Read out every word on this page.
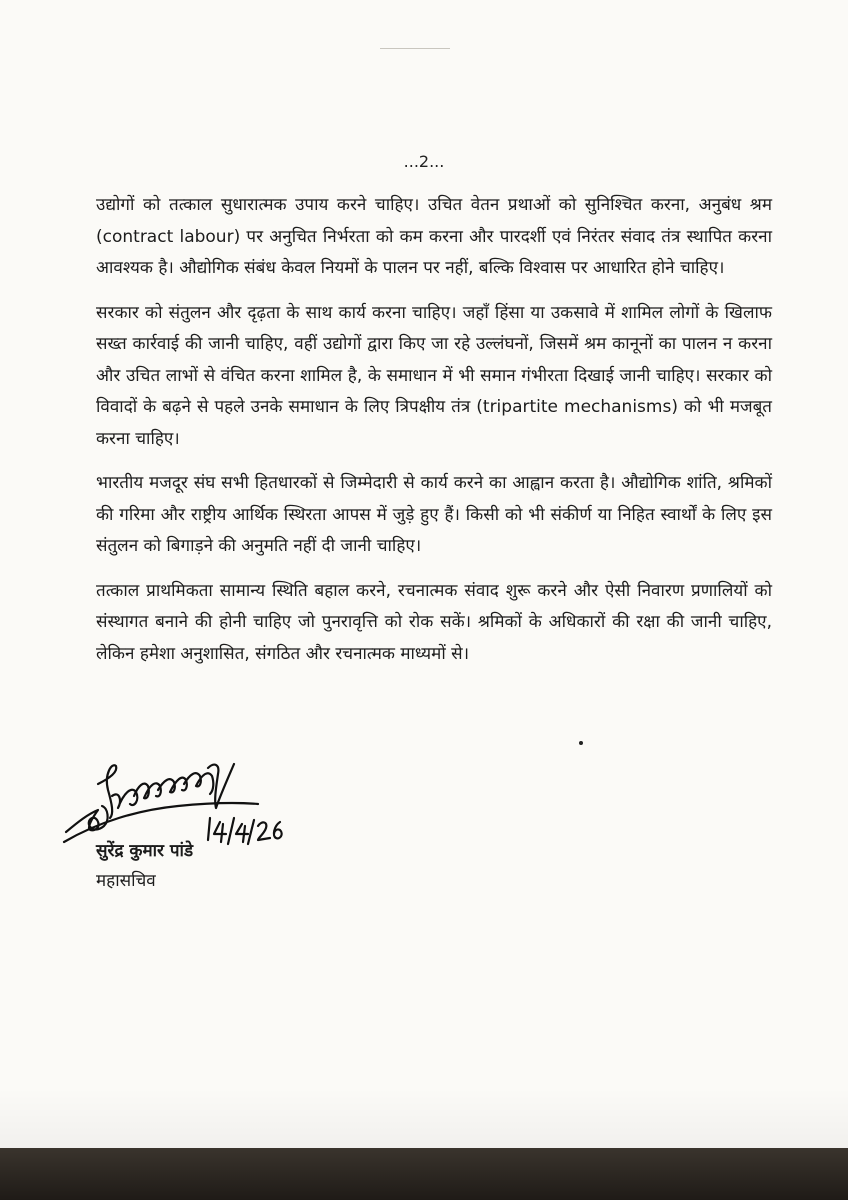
...2...

उद्योगों को तत्काल सुधारात्मक उपाय करने चाहिए। उचित वेतन प्रथाओं को सुनिश्चित करना, अनुबंध श्रम (contract labour) पर अनुचित निर्भरता को कम करना और पारदर्शी एवं निरंतर संवाद तंत्र स्थापित करना आवश्यक है। औद्योगिक संबंध केवल नियमों के पालन पर नहीं, बल्कि विश्वास पर आधारित होने चाहिए।

सरकार को संतुलन और दृढ़ता के साथ कार्य करना चाहिए। जहाँ हिंसा या उकसावे में शामिल लोगों के खिलाफ सख्त कार्रवाई की जानी चाहिए, वहीं उद्योगों द्वारा किए जा रहे उल्लंघनों, जिसमें श्रम कानूनों का पालन न करना और उचित लाभों से वंचित करना शामिल है, के समाधान में भी समान गंभीरता दिखाई जानी चाहिए। सरकार को विवादों के बढ़ने से पहले उनके समाधान के लिए त्रिपक्षीय तंत्र (tripartite mechanisms) को भी मजबूत करना चाहिए।

भारतीय मजदूर संघ सभी हितधारकों से जिम्मेदारी से कार्य करने का आह्वान करता है। औद्योगिक शांति, श्रमिकों की गरिमा और राष्ट्रीय आर्थिक स्थिरता आपस में जुड़े हुए हैं। किसी को भी संकीर्ण या निहित स्वार्थों के लिए इस संतुलन को बिगाड़ने की अनुमति नहीं दी जानी चाहिए।

तत्काल प्राथमिकता सामान्य स्थिति बहाल करने, रचनात्मक संवाद शुरू करने और ऐसी निवारण प्रणालियों को संस्थागत बनाने की होनी चाहिए जो पुनरावृत्ति को रोक सकें। श्रमिकों के अधिकारों की रक्षा की जानी चाहिए, लेकिन हमेशा अनुशासित, संगठित और रचनात्मक माध्यमों से।

सुरेंद्र कुमार पांडे
महासचिव
